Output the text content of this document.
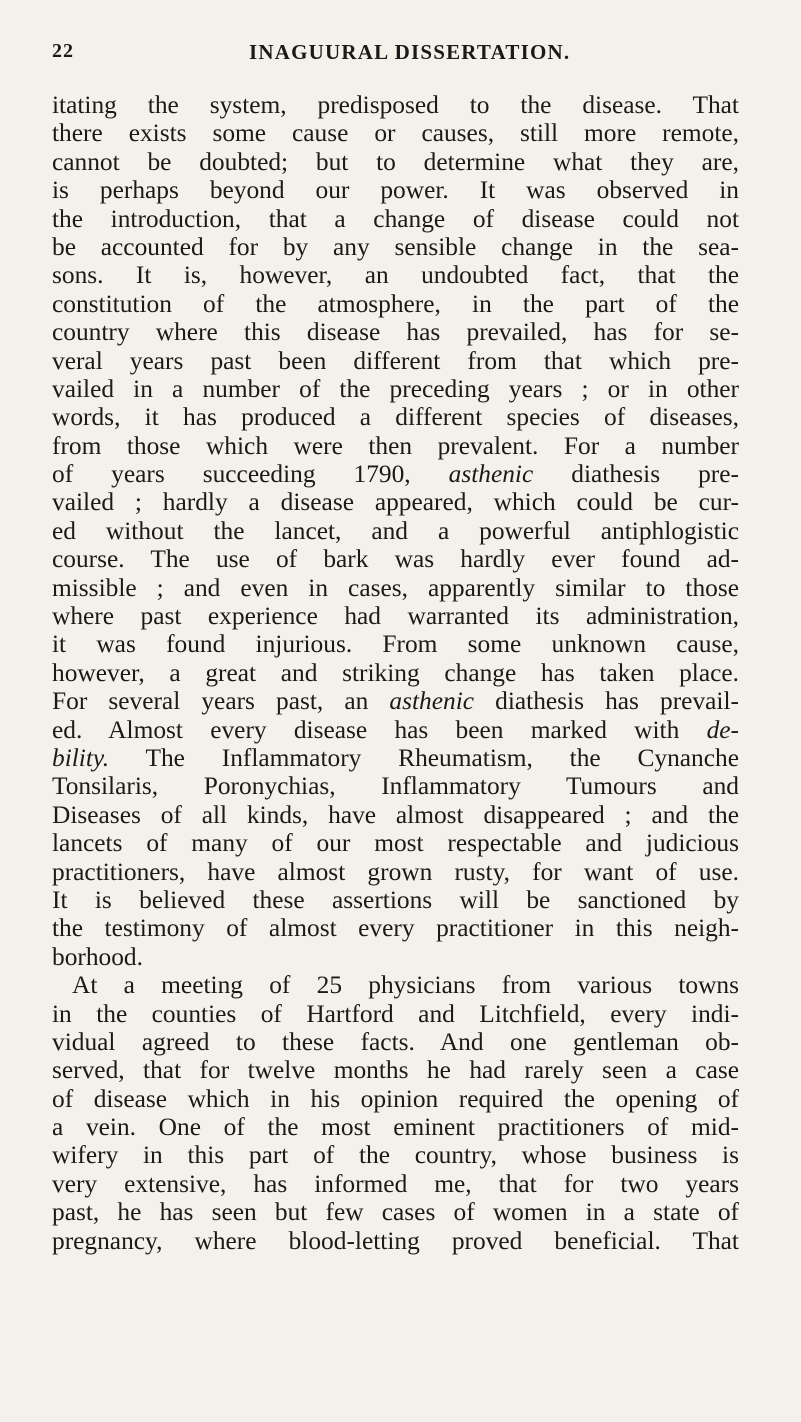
22	INAGUURAL DISSERTATION.
itating the system, predisposed to the disease. That
there exists some cause or causes, still more remote,
cannot be doubted; but to determine what they are,
is perhaps beyond our power. It was observed in
the introduction, that a change of disease could not
be accounted for by any sensible change in the sea-
sons. It is, however, an undoubted fact, that the
constitution of the atmosphere, in the part of the
country where this disease has prevailed, has for se-
veral years past been different from that which pre-
vailed in a number of the preceding years ; or in other
words, it has produced a different species of diseases,
from those which were then prevalent. For a number
of years succeeding 1790, asthenic diathesis pre-
vailed ; hardly a disease appeared, which could be cur-
ed without the lancet, and a powerful antiphlogistic
course. The use of bark was hardly ever found ad-
missible ; and even in cases, apparently similar to those
where past experience had warranted its administration,
it was found injurious. From some unknown cause,
however, a great and striking change has taken place.
For several years past, an asthenic diathesis has prevail-
ed. Almost every disease has been marked with de-
bility. The Inflammatory Rheumatism, the Cynanche
Tonsilaris, Poronychias, Inflammatory Tumours and
Diseases of all kinds, have almost disappeared ; and the
lancets of many of our most respectable and judicious
practitioners, have almost grown rusty, for want of use.
It is believed these assertions will be sanctioned by
the testimony of almost every practitioner in this neigh-
borhood.
At a meeting of 25 physicians from various towns
in the counties of Hartford and Litchfield, every indi-
vidual agreed to these facts. And one gentleman ob-
served, that for twelve months he had rarely seen a case
of disease which in his opinion required the opening of
a vein. One of the most eminent practitioners of mid-
wifery in this part of the country, whose business is
very extensive, has informed me, that for two years
past, he has seen but few cases of women in a state of
pregnancy, where blood-letting proved beneficial. That
